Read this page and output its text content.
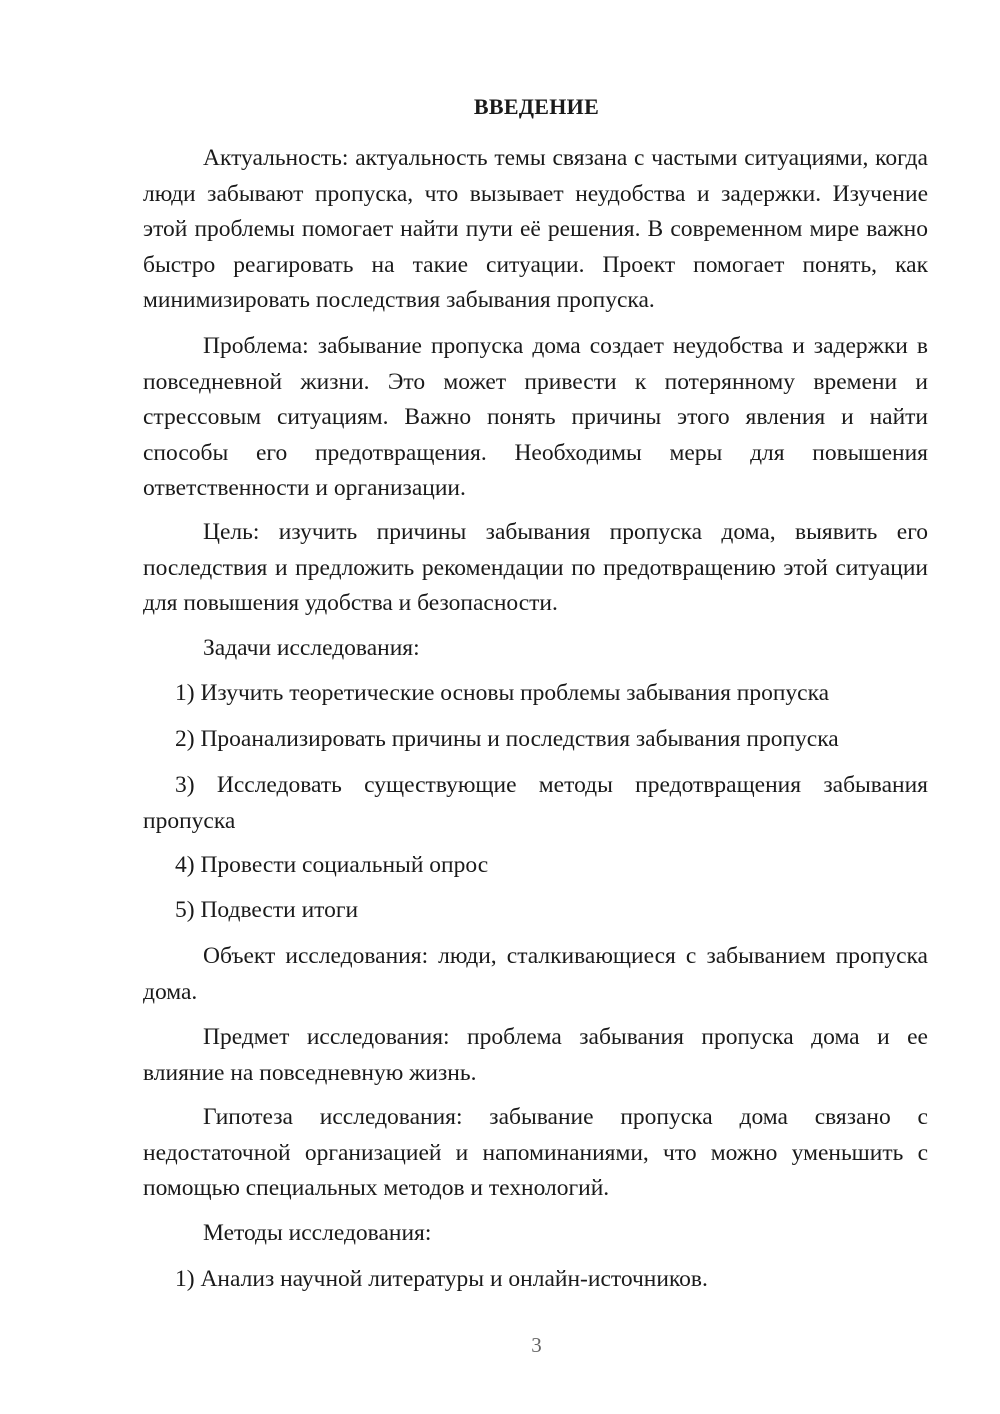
ВВЕДЕНИЕ
Актуальность: актуальность темы связана с частыми ситуациями, когда люди забывают пропуска, что вызывает неудобства и задержки. Изучение этой проблемы помогает найти пути её решения. В современном мире важно быстро реагировать на такие ситуации. Проект помогает понять, как минимизировать последствия забывания пропуска.
Проблема: забывание пропуска дома создает неудобства и задержки в повседневной жизни. Это может привести к потерянному времени и стрессовым ситуациям. Важно понять причины этого явления и найти способы его предотвращения. Необходимы меры для повышения ответственности и организации.
Цель: изучить причины забывания пропуска дома, выявить его последствия и предложить рекомендации по предотвращению этой ситуации для повышения удобства и безопасности.
Задачи исследования:
1) Изучить теоретические основы проблемы забывания пропуска
2) Проанализировать причины и последствия забывания пропуска
3) Исследовать существующие методы предотвращения забывания пропуска
4) Провести социальный опрос
5) Подвести итоги
Объект исследования: люди, сталкивающиеся с забыванием пропуска дома.
Предмет исследования: проблема забывания пропуска дома и ее влияние на повседневную жизнь.
Гипотеза исследования: забывание пропуска дома связано с недостаточной организацией и напоминаниями, что можно уменьшить с помощью специальных методов и технологий.
Методы исследования:
1) Анализ научной литературы и онлайн-источников.
3
